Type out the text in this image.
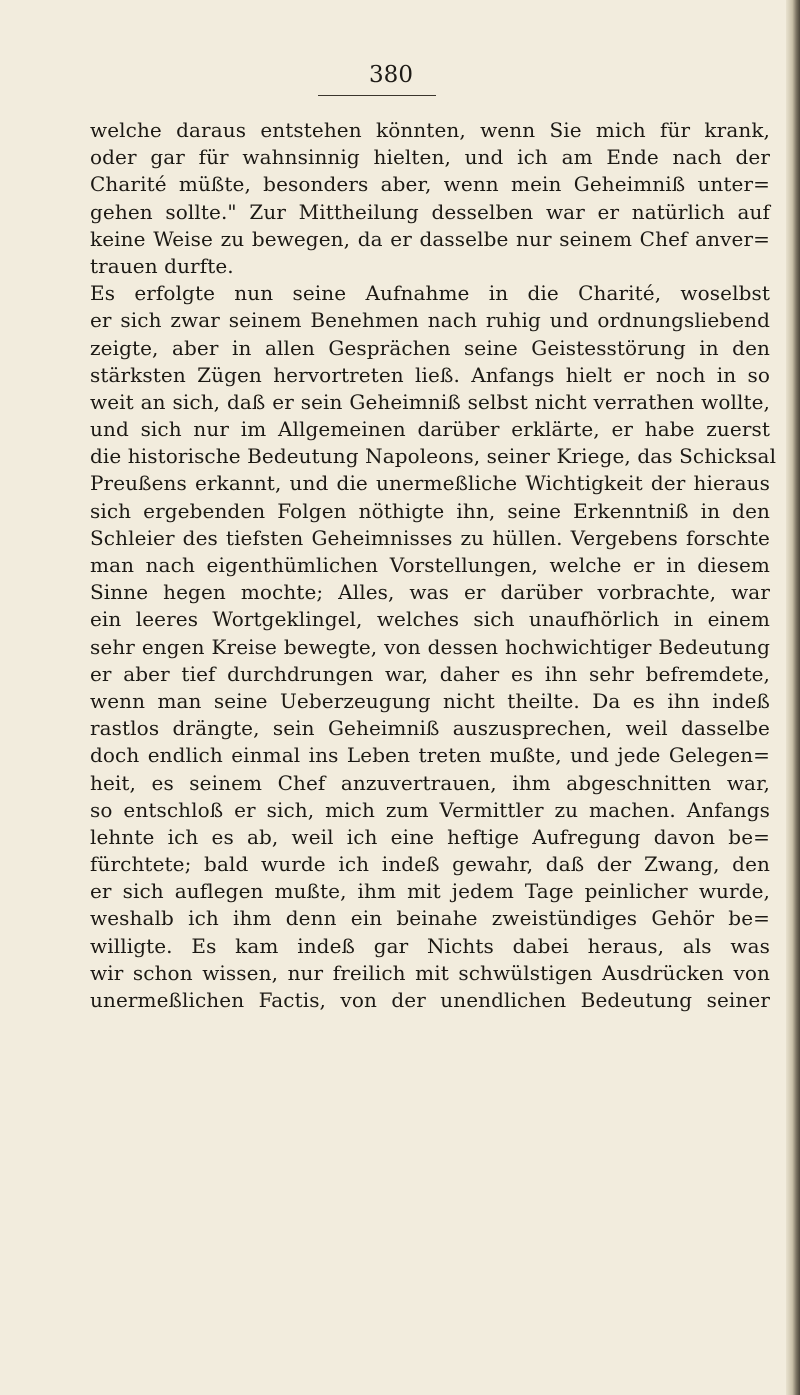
380
welche daraus entstehen könnten, wenn Sie mich für krank,
oder gar für wahnsinnig hielten, und ich am Ende nach der
Charité müßte, besonders aber, wenn mein Geheimniß unter=
gehen sollte." Zur Mittheilung desselben war er natürlich auf
keine Weise zu bewegen, da er dasselbe nur seinem Chef anver=
trauen durfte.
Es erfolgte nun seine Aufnahme in die Charité, woselbst
er sich zwar seinem Benehmen nach ruhig und ordnungsliebend
zeigte, aber in allen Gesprächen seine Geistesstörung in den
stärksten Zügen hervortreten ließ. Anfangs hielt er noch in so
weit an sich, daß er sein Geheimniß selbst nicht verrathen wollte,
und sich nur im Allgemeinen darüber erklärte, er habe zuerst
die historische Bedeutung Napoleons, seiner Kriege, das Schicksal
Preußens erkannt, und die unermeßliche Wichtigkeit der hieraus
sich ergebenden Folgen nöthigte ihn, seine Erkenntniß in den
Schleier des tiefsten Geheimnisses zu hüllen. Vergebens forschte
man nach eigenthümlichen Vorstellungen, welche er in diesem
Sinne hegen mochte; Alles, was er darüber vorbrachte, war
ein leeres Wortgeklingel, welches sich unaufhörlich in einem
sehr engen Kreise bewegte, von dessen hochwichtiger Bedeutung
er aber tief durchdrungen war, daher es ihn sehr befremdete,
wenn man seine Ueberzeugung nicht theilte. Da es ihn indeß
rastlos drängte, sein Geheimniß auszusprechen, weil dasselbe
doch endlich einmal ins Leben treten mußte, und jede Gelegen=
heit, es seinem Chef anzuvertrauen, ihm abgeschnitten war,
so entschloß er sich, mich zum Vermittler zu machen. Anfangs
lehnte ich es ab, weil ich eine heftige Aufregung davon be=
fürchtete; bald wurde ich indeß gewahr, daß der Zwang, den
er sich auflegen mußte, ihm mit jedem Tage peinlicher wurde,
weshalb ich ihm denn ein beinahe zweistündiges Gehör be=
willigte. Es kam indeß gar Nichts dabei heraus, als was
wir schon wissen, nur freilich mit schwülstigen Ausdrücken von
unermeßlichen Factis, von der unendlichen Bedeutung seiner
